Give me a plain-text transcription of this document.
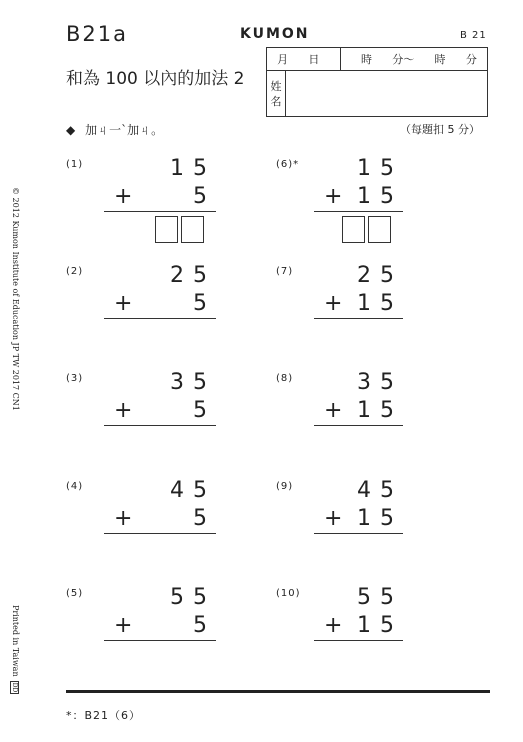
B21a
和為 100 以內的加法 2
KUMON	B 21
月 日	時 分～ 時 分

姓
名

◆ 加ㄐ一ˋ加ㄐ。	（每題扣 5 分）
© 2012 Kumon Institute of Education JP TW 2017 CN1
Printed in TaiwanDD
(1)	15
+	5
(2)	25
+	5
(3)	35
+	5
(4)	45
+	5
(5)	55
+	5
(6)*	15
+ 15
(7)	25
+ 15
(8)	35
+ 15
(9)	45
+ 15
(10)	55
+ 15
*：B21（6）
